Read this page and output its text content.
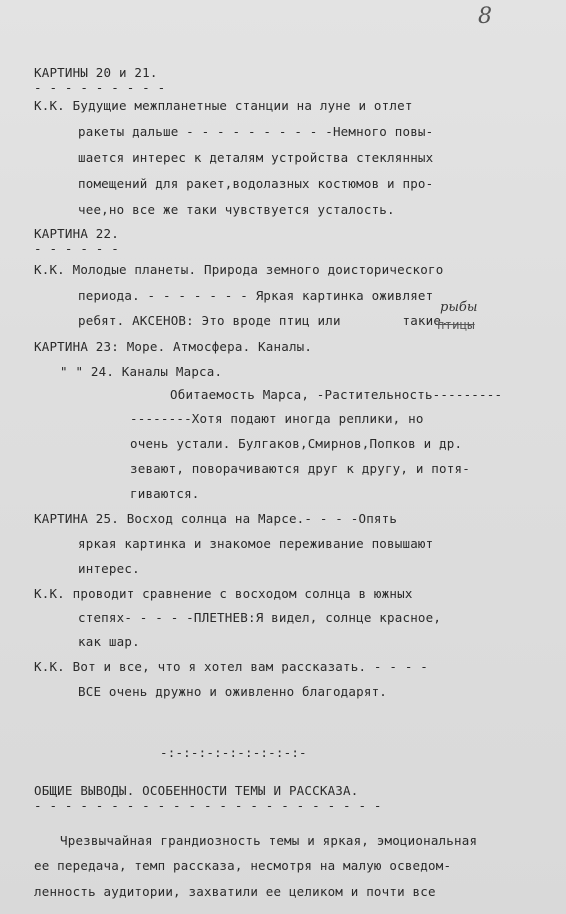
8
КАРТИНЫ 20 и 21.
- - - - - - - - -
К.К. Будущие межпланетные станции на луне и отлет
ракеты дальше - - - - - - - - - -Немного повы-
шается интерес к деталям устройства стеклянных
помещений для ракет,водолазных костюмов и про-
чее,но все же таки чувствуется усталость.
КАРТИНА 22.
- - - - - -
К.К. Молодые планеты. Природа земного доисторического
периода. - - - - - - - Яркая картинка оживляет
ребят. АКСЕНОВ: Это вроде птиц или        такие.
КАРТИНА 23: Море. Атмосфера. Каналы.
" " 24. Каналы Марса.
Обитаемость Марса, -Растительность---------
--------Хотя подают иногда реплики, но
очень устали. Булгаков,Смирнов,Попков и др.
зевают, поворачиваются друг к другу, и потя-
гиваются.
КАРТИНА 25. Восход солнца на Марсе.- - - -Опять
яркая картинка и знакомое переживание повышают
интерес.
К.К. проводит сравнение с восходом солнца в южных
степях- - - - -ПЛЕТНЕВ:Я видел, солнце красное,
как шар.
К.К. Вот и все, что я хотел вам рассказать. - - - -
ВСЕ очень дружно и оживленно благодарят.
-:-:-:-:-:-:-:-:-:-
ОБЩИЕ ВЫВОДЫ. ОСОБЕННОСТИ ТЕМЫ И РАССКАЗА.
- - - - - - - - - - - - - - - - - - - - - - -
Чрезвычайная грандиозность темы и яркая, эмоциональная
ее передача, темп рассказа, несмотря на малую осведом-
ленность аудитории, захватили ее целиком и почти все
рыбы
птицы
